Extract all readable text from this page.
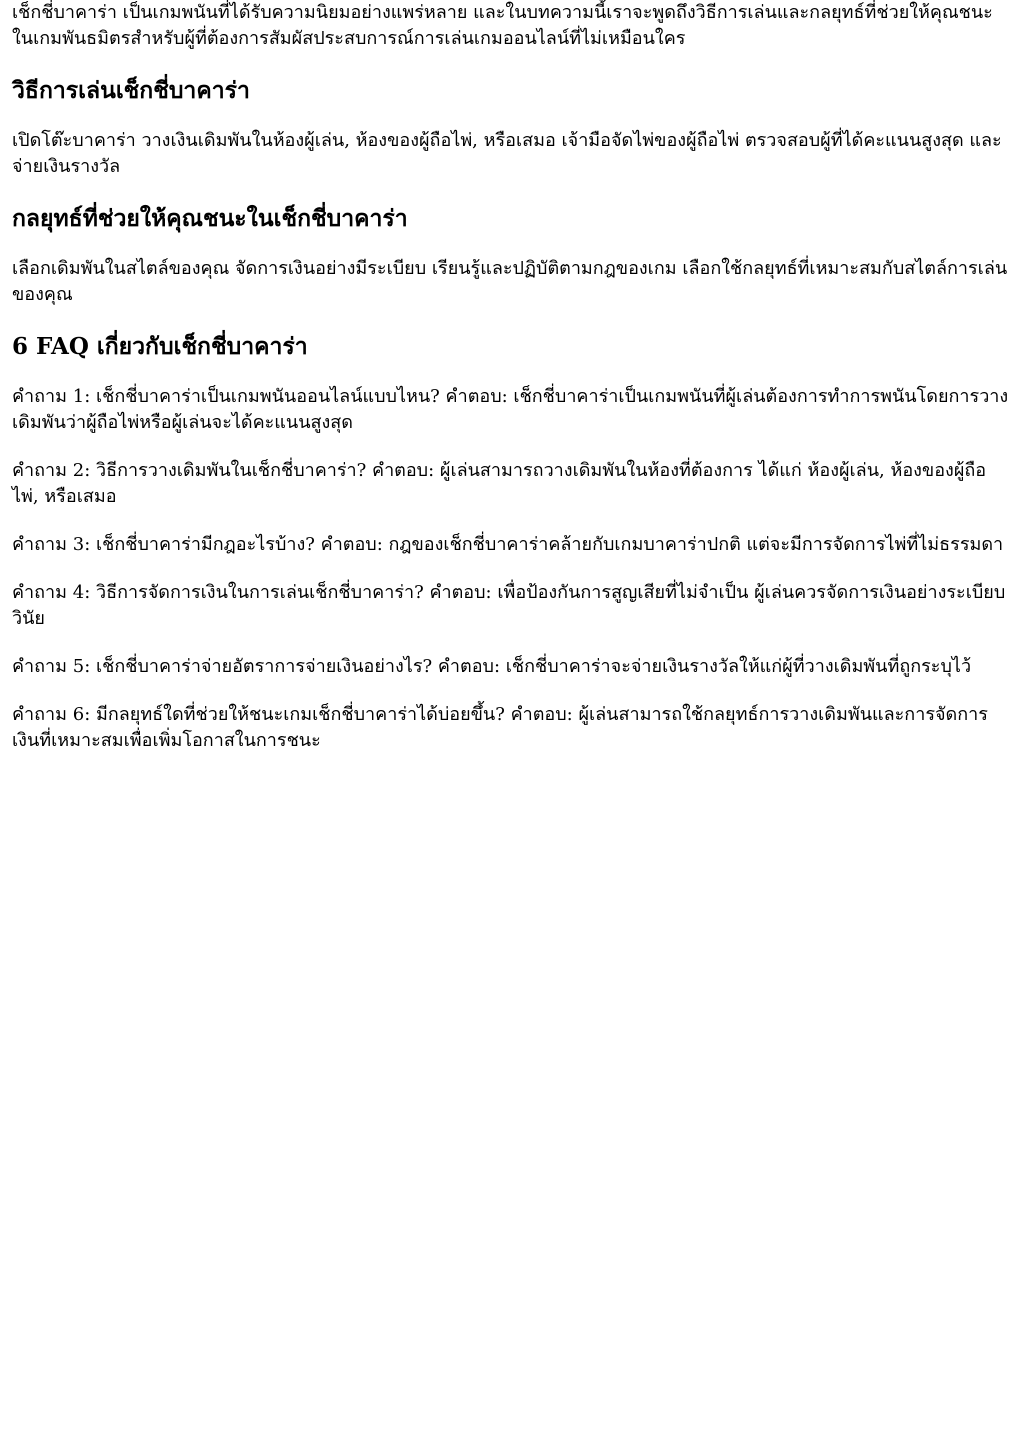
เช็กชี่บาคาร่า เป็นเกมพนันที่ได้รับความนิยมอย่างแพร่หลาย และในบทความนี้เราจะพูดถึงวิธีการเล่นและกลยุทธ์ที่ช่วยให้คุณชนะในเกมพันธมิตรสำหรับผู้ที่ต้องการสัมผัสประสบการณ์การเล่นเกมออนไลน์ที่ไม่เหมือนใคร

วิธีการเล่นเช็กชี่บาคาร่า

เปิดโต๊ะบาคาร่า วางเงินเดิมพันในห้องผู้เล่น, ห้องของผู้ถือไพ่, หรือเสมอ เจ้ามือจัดไพ่ของผู้ถือไพ่ ตรวจสอบผู้ที่ได้คะแนนสูงสุด และจ่ายเงินรางวัล

กลยุทธ์ที่ช่วยให้คุณชนะในเช็กชี่บาคาร่า

เลือกเดิมพันในสไตล์ของคุณ จัดการเงินอย่างมีระเบียบ เรียนรู้และปฏิบัติตามกฎของเกม เลือกใช้กลยุทธ์ที่เหมาะสมกับสไตล์การเล่นของคุณ

6 FAQ เกี่ยวกับเช็กชี่บาคาร่า

คำถาม 1: เช็กชี่บาคาร่าเป็นเกมพนันออนไลน์แบบไหน? คำตอบ: เช็กชี่บาคาร่าเป็นเกมพนันที่ผู้เล่นต้องการทำการพนันโดยการวางเดิมพันว่าผู้ถือไพ่หรือผู้เล่นจะได้คะแนนสูงสุด

คำถาม 2: วิธีการวางเดิมพันในเช็กชี่บาคาร่า? คำตอบ: ผู้เล่นสามารถวางเดิมพันในห้องที่ต้องการ ได้แก่ ห้องผู้เล่น, ห้องของผู้ถือไพ่, หรือเสมอ

คำถาม 3: เช็กชี่บาคาร่ามีกฎอะไรบ้าง? คำตอบ: กฎของเช็กชี่บาคาร่าคล้ายกับเกมบาคาร่าปกติ แต่จะมีการจัดการไพ่ที่ไม่ธรรมดา

คำถาม 4: วิธีการจัดการเงินในการเล่นเช็กชี่บาคาร่า? คำตอบ: เพื่อป้องกันการสูญเสียที่ไม่จำเป็น ผู้เล่นควรจัดการเงินอย่างระเบียบวินัย

คำถาม 5: เช็กชี่บาคาร่าจ่ายอัตราการจ่ายเงินอย่างไร? คำตอบ: เช็กชี่บาคาร่าจะจ่ายเงินรางวัลให้แก่ผู้ที่วางเดิมพันที่ถูกระบุไว้

คำถาม 6: มีกลยุทธ์ใดที่ช่วยให้ชนะเกมเช็กชี่บาคาร่าได้บ่อยขึ้น? คำตอบ: ผู้เล่นสามารถใช้กลยุทธ์การวางเดิมพันและการจัดการเงินที่เหมาะสมเพื่อเพิ่มโอกาสในการชนะ
